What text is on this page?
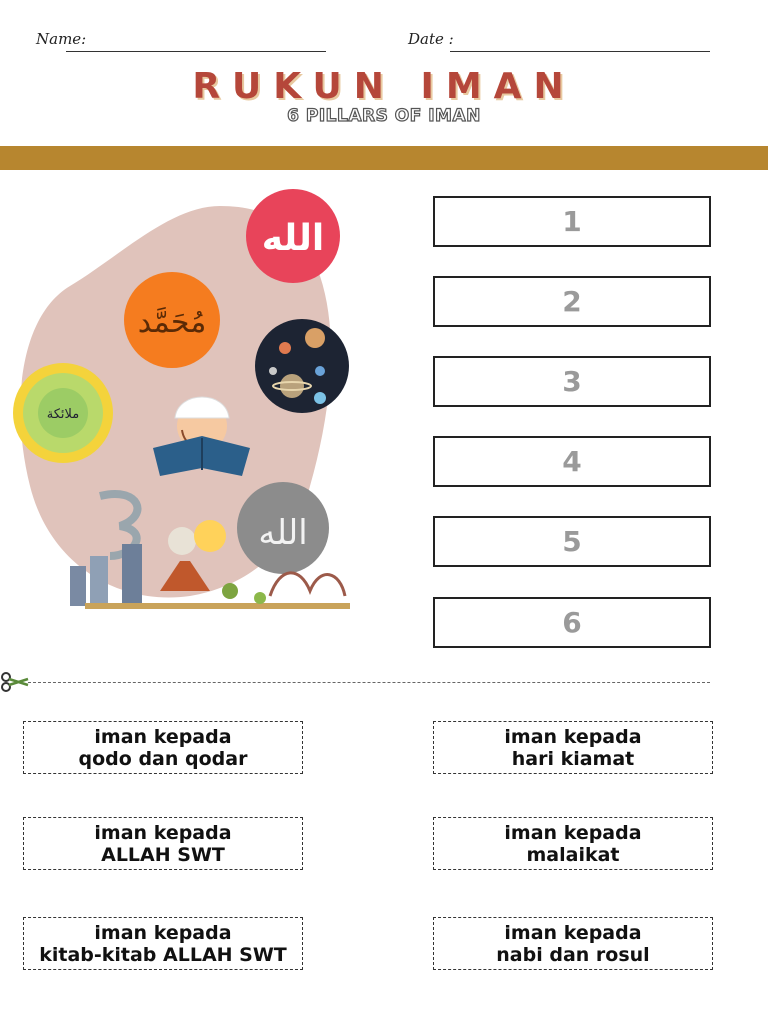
Name:	Date :
RUKUN IMAN
6 PILLARS OF IMAN
الله
مُحَمَّد
ملائكة
الله
1
2
3
4
5
6
iman kepada
qodo dan qodar
iman kepada
ALLAH SWT
iman kepada
kitab-kitab ALLAH SWT
iman kepada
hari kiamat
iman kepada
malaikat
iman kepada
nabi dan rosul
